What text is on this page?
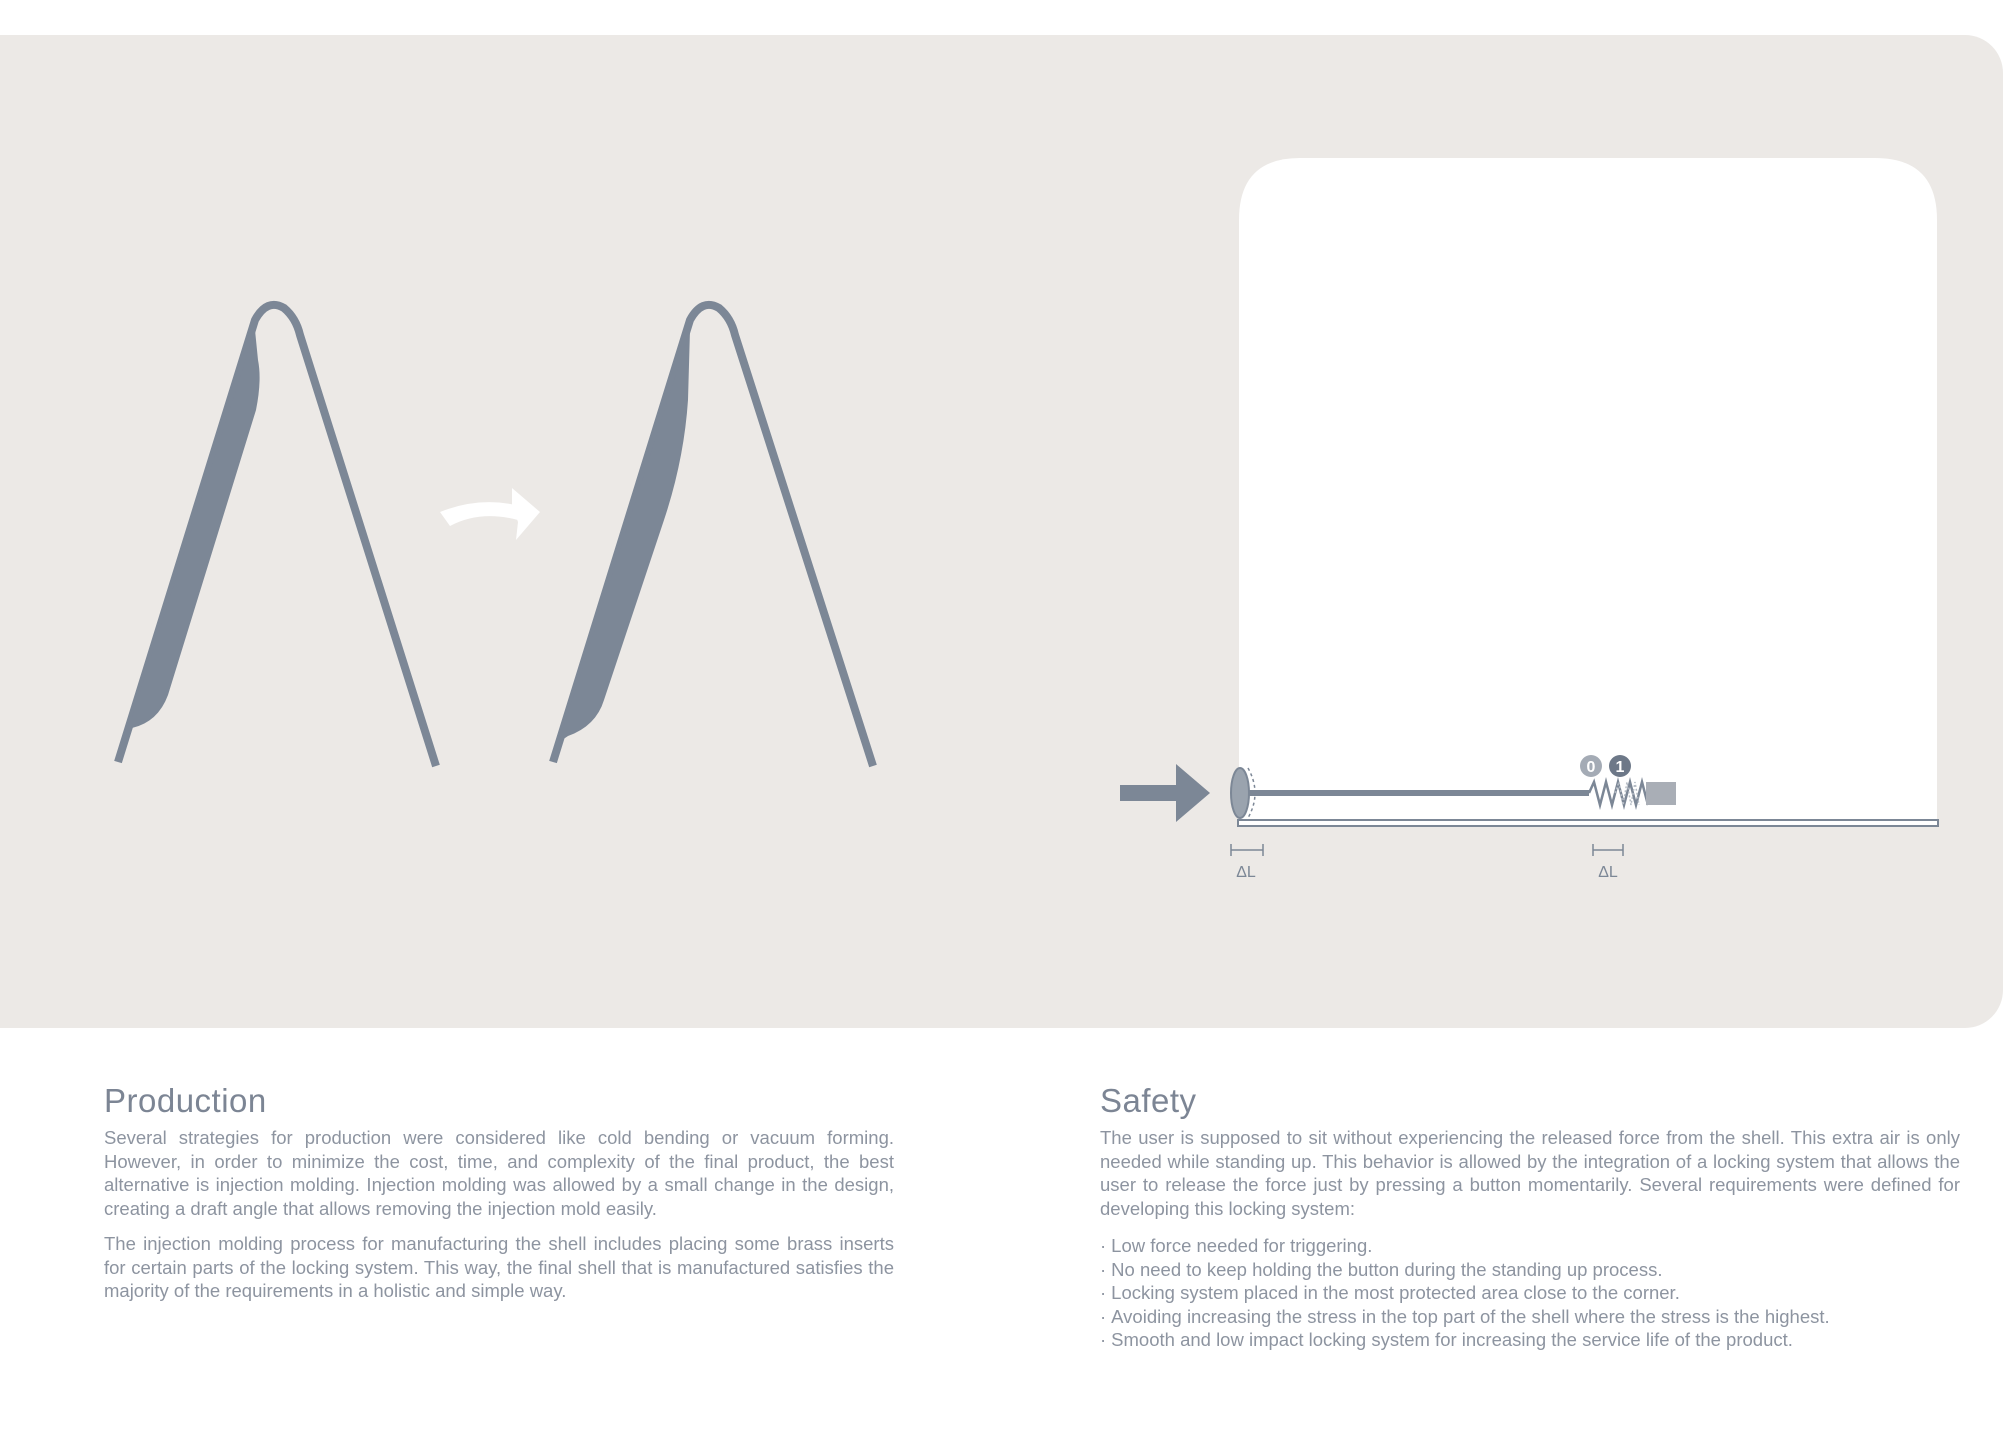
0 1
ΔL	ΔL
Production

Several strategies for production were considered like cold bending or vacuum forming. However, in order to minimize the cost, time, and complexity of the final product, the best alternative is injection molding. Injection molding was allowed by a small change in the design, creating a draft angle that allows removing the injection mold easily.

The injection molding process for manufacturing the shell includes placing some brass inserts for certain parts of the locking system. This way, the final shell that is manufactured satisfies the majority of the requirements in a holistic and simple way.

Safety

The user is supposed to sit without experiencing the released force from the shell. This extra air is only needed while standing up. This behavior is allowed by the integration of a locking system that allows the user to release the force just by pressing a button momentarily. Several requirements were defined for developing this locking system:

· Low force needed for triggering.
· No need to keep holding the button during the standing up process.
· Locking system placed in the most protected area close to the corner.
· Avoiding increasing the stress in the top part of the shell where the stress is the highest.
· Smooth and low impact locking system for increasing the service life of the product.
